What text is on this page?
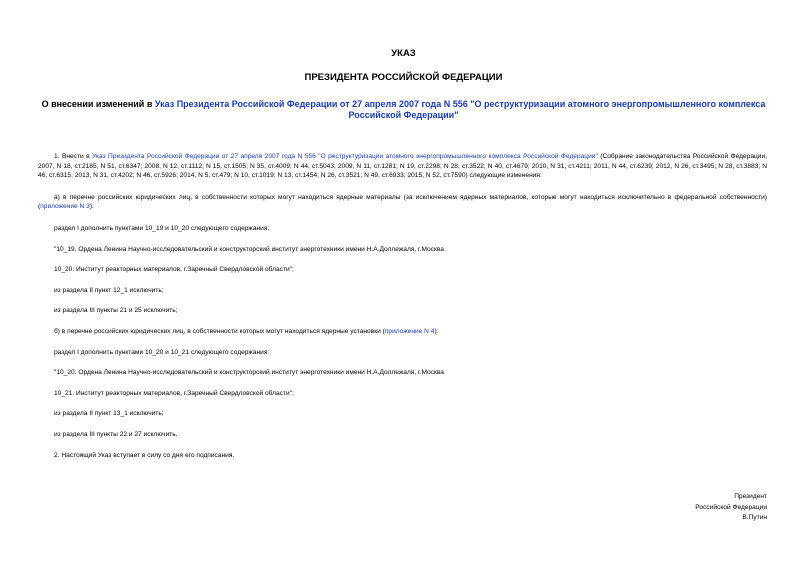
УКАЗ
ПРЕЗИДЕНТА РОССИЙСКОЙ ФЕДЕРАЦИИ
О внесении изменений в Указ Президента Российской Федерации от 27 апреля 2007 года N 556 "О реструктуризации атомного энергопромышленного комплекса Российской Федерации"

1. Внести в Указ Президента Российской Федерации от 27 апреля 2007 года N 556 "О реструктуризации атомного энергопромышленного комплекса Российской Федерации" (Собрание законодательства Российской Федерации, 2007, N 18, ст.2185; N 51, ст.6347; 2008, N 12, ст.1112; N 15, ст.1505; N 35, ст.4009; N 44, ст.5043; 2009, N 11, ст.1281; N 19, ст.2298; N 28, ст.3522; N 40, ст.4679; 2010, N 31, ст.4211; 2011, N 44, ст.6239; 2012, N 26, ст.3495; N 28, ст.3883; N 46, ст.6315; 2013, N 31, ст.4202; N 46, ст.5926; 2014, N 5, ст.479; N 10, ст.1019; N 13, ст.1454; N 26, ст.3521; N 49, ст.6933; 2015, N 52, ст.7590) следующие изменения:

а) в перечне российских юридических лиц, в собственности которых могут находиться ядерные материалы (за исключением ядерных материалов, которые могут находиться исключительно в федеральной собственности) (приложение N 3):

раздел I дополнить пунктами 10_19 и 10_20 следующего содержания:

"10_19. Ордена Ленина Научно-исследовательский и конструкторский институт энерготехники имени Н.А.Доллежаля, г.Москва

10_20. Институт реакторных материалов, г.Заречный Свердловской области";

из раздела II пункт 12_1 исключить;

из раздела III пункты 21 и 25 исключить;

б) в перечне российских юридических лиц, в собственности которых могут находиться ядерные установки (приложение N 4):

раздел I дополнить пунктами 10_20 и 10_21 следующего содержания:

"10_20. Ордена Ленина Научно-исследовательский и конструкторский институт энерготехники имени Н.А.Доллежаля, г.Москва

10_21. Институт реакторных материалов, г.Заречный Свердловской области";

из раздела II пункт 13_1 исключить;

из раздела III пункты 22 и 27 исключить.

2. Настоящий Указ вступает в силу со дня его подписания.

Президент
Российской Федерации
В.Путин
